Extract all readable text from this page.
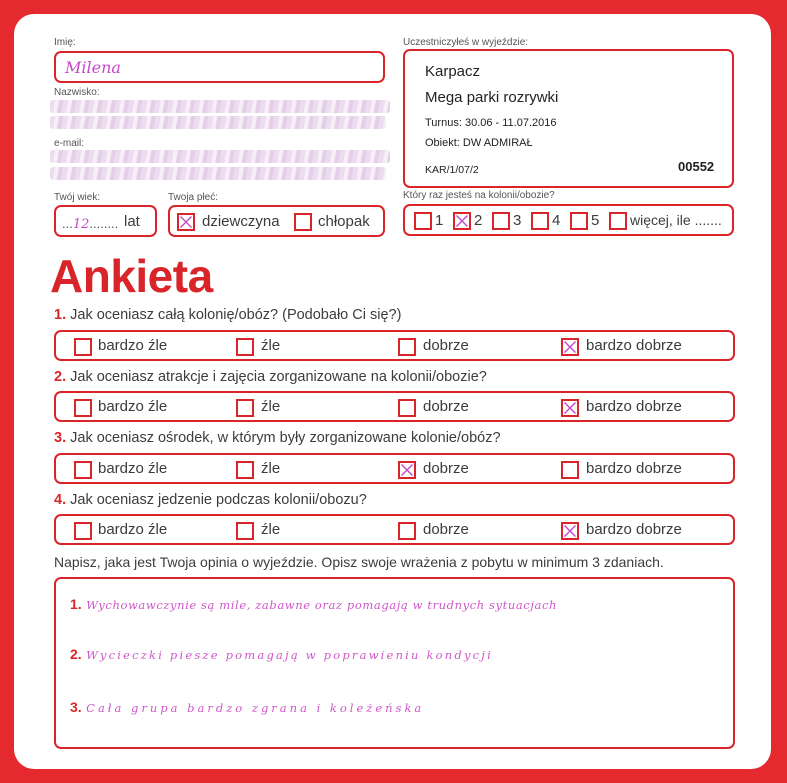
Imię:
Milena
Nazwisko:
e-mail:
Twój wiek:
...12........ lat
Twoja płeć:
dziewczyna	chłopak
Uczestniczyłeś w wyjeździe:
Karpacz
Mega parki rozrywki
Turnus: 30.06 - 11.07.2016
Obiekt: DW ADMIRAŁ
KAR/1/07/2	00552
Który raz jesteś na kolonii/obozie?
1 2 3 4 5 więcej, ile .......
Ankieta
1. Jak oceniasz całą kolonię/obóz? (Podobało Ci się?)
bardzo źle	źle	dobrze	bardzo dobrze
2. Jak oceniasz atrakcje i zajęcia zorganizowane na kolonii/obozie?
bardzo źle	źle	dobrze	bardzo dobrze
3. Jak oceniasz ośrodek, w którym były zorganizowane kolonie/obóz?
bardzo źle	źle	dobrze	bardzo dobrze
4. Jak oceniasz jedzenie podczas kolonii/obozu?
bardzo źle	źle	dobrze	bardzo dobrze
Napisz, jaka jest Twoja opinia o wyjeździe. Opisz swoje wrażenia z pobytu w minimum 3 zdaniach.
1. Wychowawczynie są mile, zabawne oraz pomagają w trudnych sytuacjach
2. Wycieczki piesze pomagają w poprawieniu kondycji
3. Cała grupa bardzo zgrana i koleżeńska
